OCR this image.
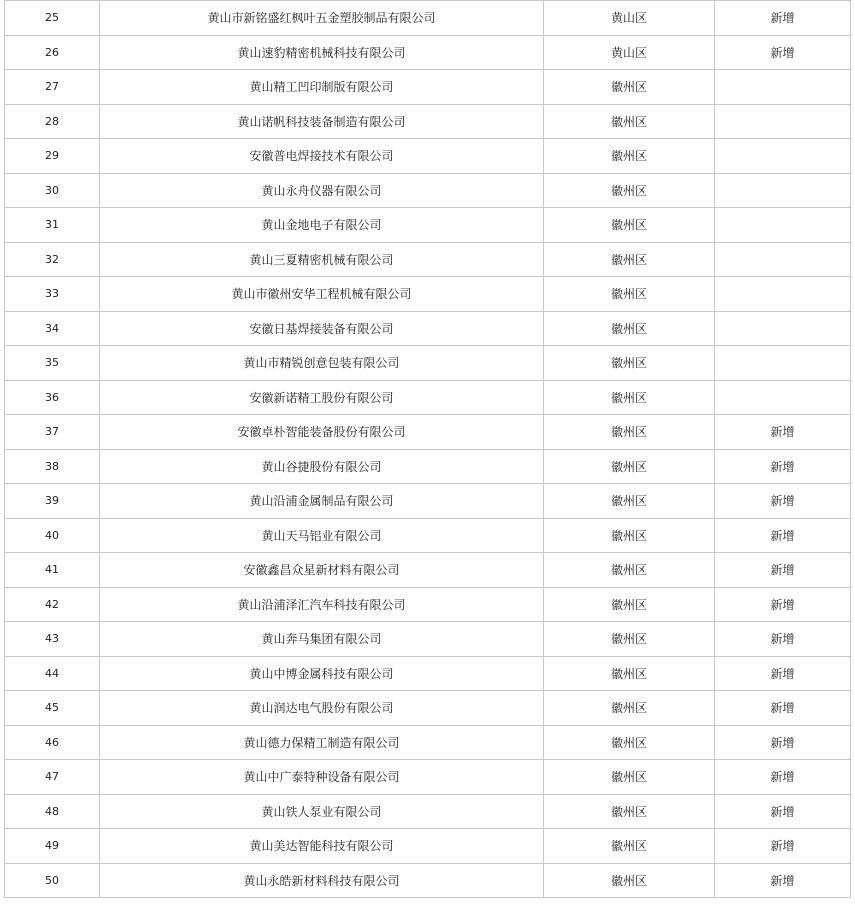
25	黄山市新铭盛红枫叶五金塑胶制品有限公司	黄山区	新增
26	黄山速豹精密机械科技有限公司	黄山区	新增
27	黄山精工凹印制版有限公司	徽州区	
28	黄山诺帆科技装备制造有限公司	徽州区	
29	安徽普电焊接技术有限公司	徽州区	
30	黄山永舟仪器有限公司	徽州区	
31	黄山金地电子有限公司	徽州区	
32	黄山三夏精密机械有限公司	徽州区	
33	黄山市徽州安华工程机械有限公司	徽州区	
34	安徽日基焊接装备有限公司	徽州区	
35	黄山市精锐创意包装有限公司	徽州区	
36	安徽新诺精工股份有限公司	徽州区	
37	安徽卓朴智能装备股份有限公司	徽州区	新增
38	黄山谷捷股份有限公司	徽州区	新增
39	黄山沿浦金属制品有限公司	徽州区	新增
40	黄山天马铝业有限公司	徽州区	新增
41	安徽鑫昌众星新材料有限公司	徽州区	新增
42	黄山沿浦泽汇汽车科技有限公司	徽州区	新增
43	黄山奔马集团有限公司	徽州区	新增
44	黄山中博金属科技有限公司	徽州区	新增
45	黄山润达电气股份有限公司	徽州区	新增
46	黄山德力保精工制造有限公司	徽州区	新增
47	黄山中广泰特种设备有限公司	徽州区	新增
48	黄山铁人泵业有限公司	徽州区	新增
49	黄山美达智能科技有限公司	徽州区	新增
50	黄山永皓新材料科技有限公司	徽州区	新增
